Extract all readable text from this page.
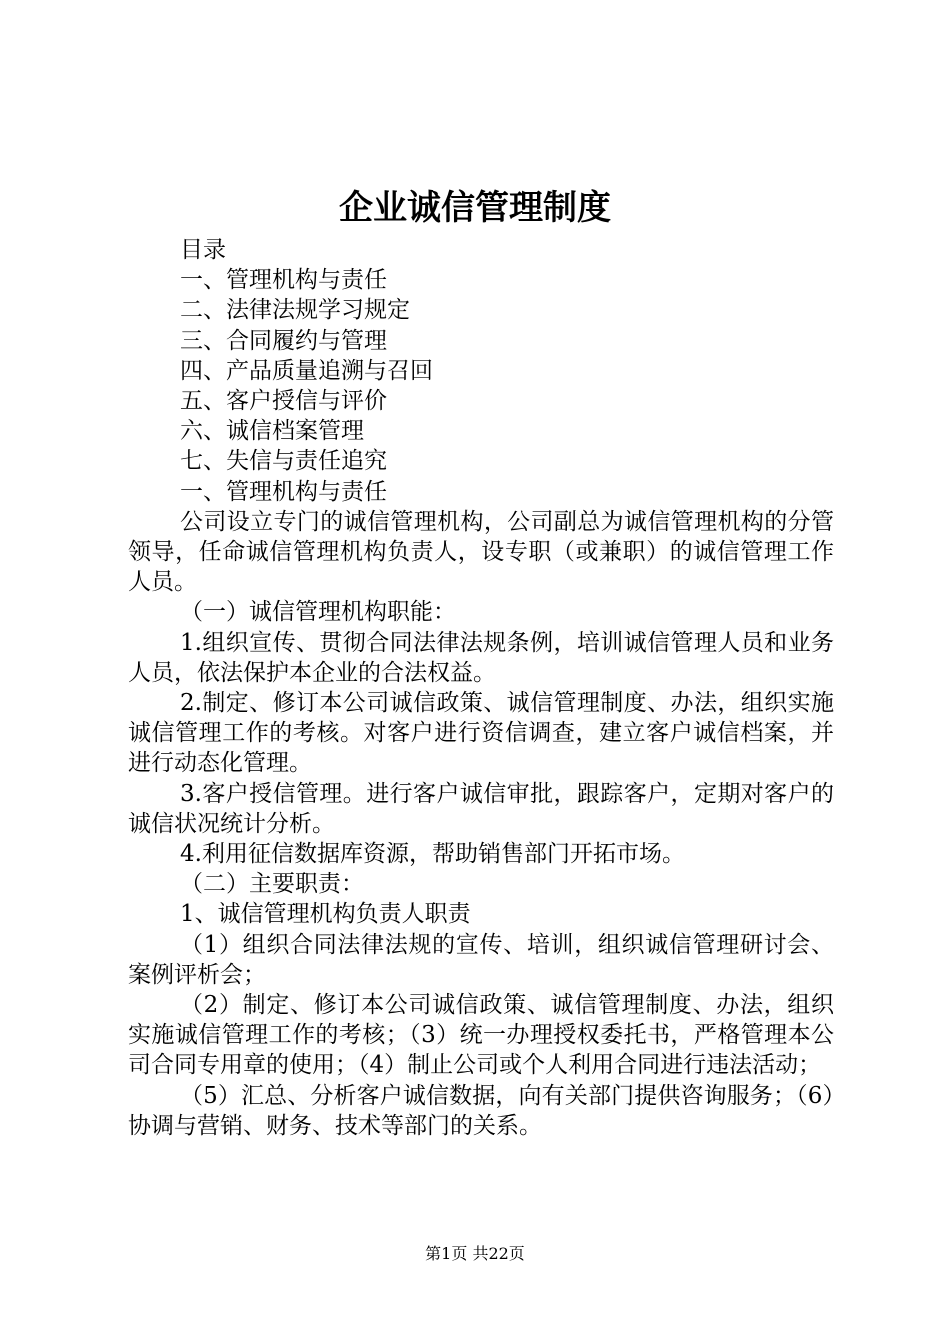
企业诚信管理制度

目录

一、管理机构与责任

二、法律法规学习规定

三、合同履约与管理

四、产品质量追溯与召回

五、客户授信与评价

六、诚信档案管理

七、失信与责任追究

一、管理机构与责任

公司设立专门的诚信管理机构，公司副总为诚信管理机构的分管领导，任命诚信管理机构负责人，设专职（或兼职）的诚信管理工作人员。

（一）诚信管理机构职能：

1.组织宣传、贯彻合同法律法规条例，培训诚信管理人员和业务人员，依法保护本企业的合法权益。

2.制定、修订本公司诚信政策、诚信管理制度、办法，组织实施诚信管理工作的考核。对客户进行资信调查，建立客户诚信档案，并进行动态化管理。

3.客户授信管理。进行客户诚信审批，跟踪客户，定期对客户的诚信状况统计分析。

4.利用征信数据库资源，帮助销售部门开拓市场。

（二）主要职责：

1、诚信管理机构负责人职责

（1）组织合同法律法规的宣传、培训，组织诚信管理研讨会、案例评析会；

（2）制定、修订本公司诚信政策、诚信管理制度、办法，组织实施诚信管理工作的考核；（3）统一办理授权委托书，严格管理本公司合同专用章的使用；（4）制止公司或个人利用合同进行违法活动；

（5）汇总、分析客户诚信数据，向有关部门提供咨询服务；（6）协调与营销、财务、技术等部门的关系。

第1页 共22页
